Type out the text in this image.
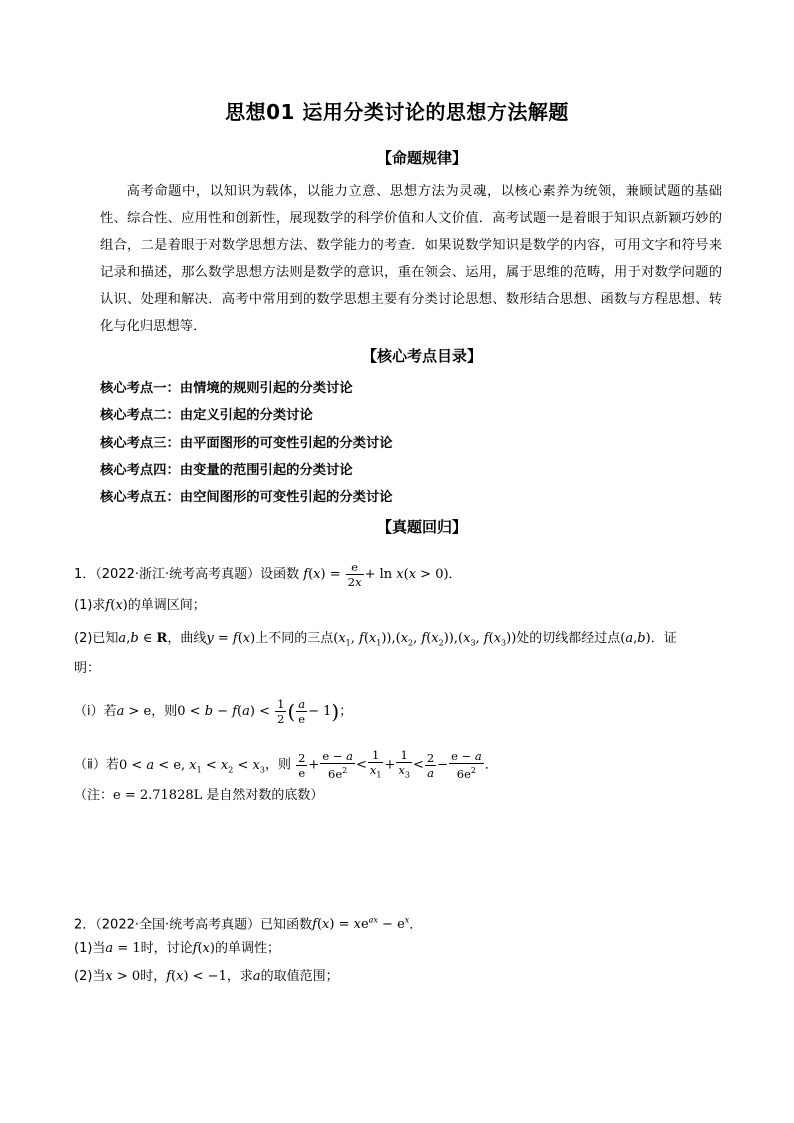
思想01 运用分类讨论的思想方法解题
【命题规律】

高考命题中，以知识为载体，以能力立意、思想方法为灵魂，以核心素养为统领，兼顾试题的基础性、综合性、应用性和创新性，展现数学的科学价值和人文价值．高考试题一是着眼于知识点新颖巧妙的组合，二是着眼于对数学思想方法、数学能力的考查．如果说数学知识是数学的内容，可用文字和符号来记录和描述，那么数学思想方法则是数学的意识，重在领会、运用，属于思维的范畴，用于对数学问题的认识、处理和解决．高考中常用到的数学思想主要有分类讨论思想、数形结合思想、函数与方程思想、转化与化归思想等．

【核心考点目录】
核心考点一：由情境的规则引起的分类讨论
核心考点二：由定义引起的分类讨论
核心考点三：由平面图形的可变性引起的分类讨论
核心考点四：由变量的范围引起的分类讨论
核心考点五：由空间图形的可变性引起的分类讨论
【真题回归】
1．（2022·浙江·统考高考真题）设函数 $f(x) = \frac{e}{2x} + \ln x(x > 0)$．
(1)求f(x)的单调区间；
(2)已知a,b ∈ R，曲线y = f(x)上不同的三点($x_1$, $f(x_1)),(x_2$, $f(x_2)),(x_3$, $f(x_3)$)处的切线都经过点(a,b)．证
明：
（ⅰ）若a > e，则$0 < b - f(a) < \frac{1}{2}$ ( $\frac{a}{e} - 1$)；
（ⅱ）若0 < a < e, $x_1 < x_2 < x_3$，则 $\frac{2}{e} + \frac{e - a}{6e^2} < \frac{1}{x_1} + \frac{1}{x_3} < \frac{2}{a} - \frac{e - a}{6e^2}$ ．
（注：e = 2.71828L 是自然对数的底数）
2．（2022·全国·统考高考真题）已知函数$f(x) = xe^{ax} - e^x$．
(1)当a = 1时，讨论f(x)的单调性；
(2)当x > 0时，f(x) < −1，求a的取值范围；
